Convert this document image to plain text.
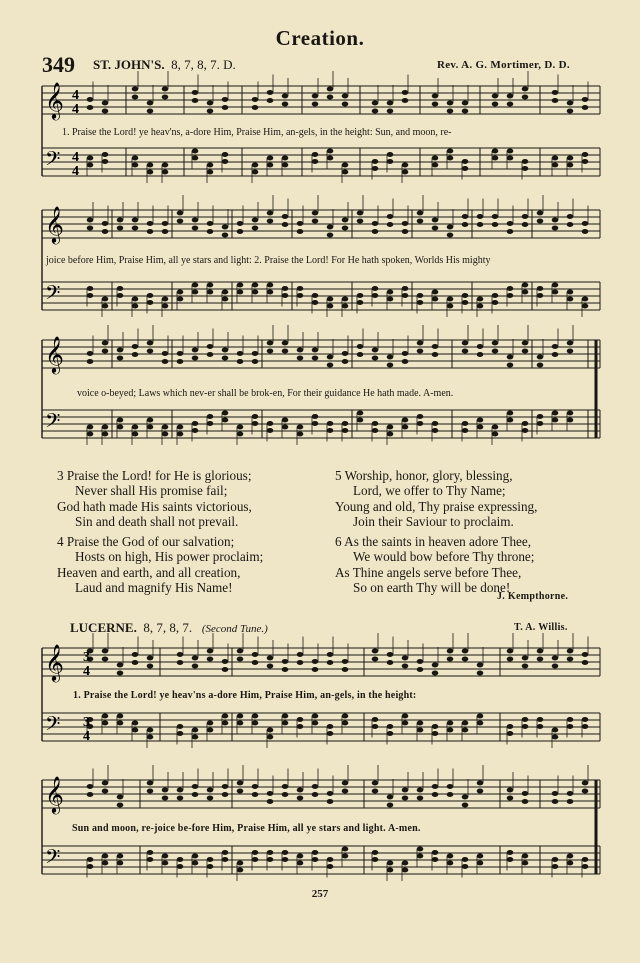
Creation.
349 ST. JOHN'S. 8, 7, 8, 7. D.	Rev. A. G. Mortimer, D. D.
𝄞
𝄢
4
4
4
4
𝄞
𝄢
𝄞
𝄢
𝄞
𝄢
3
4
3
4
𝄞
𝄢
1. Praise the Lord! ye heav'ns, a-dore Him, Praise Him, an-gels, in the height: Sun, and moon, re-
joice before Him, Praise Him, all ye stars and light: 2. Praise the Lord! For He hath spoken, Worlds His mighty
voice o-beyed; Laws which nev-er shall be brok-en, For their guidance He hath made. A-men.
3 Praise the Lord! for He is glorious;
Never shall His promise fail;
God hath made His saints victorious,
Sin and death shall not prevail.
4 Praise the God of our salvation;
Hosts on high, His power proclaim;
Heaven and earth, and all creation,
Laud and magnify His Name!
5 Worship, honor, glory, blessing,
Lord, we offer to Thy Name;
Young and old, Thy praise expressing,
Join their Saviour to proclaim.
6 As the saints in heaven adore Thee,
We would bow before Thy throne;
As Thine angels serve before Thee,
So on earth Thy will be done!
J. Kempthorne.
LUCERNE. 8, 7, 8, 7. (Second Tune.)	T. A. Willis.
1. Praise the Lord! ye heav'ns a-dore Him, Praise Him, an-gels, in the height:
Sun and moon, re-joice be-fore Him, Praise Him, all ye stars and light. A-men.
257
